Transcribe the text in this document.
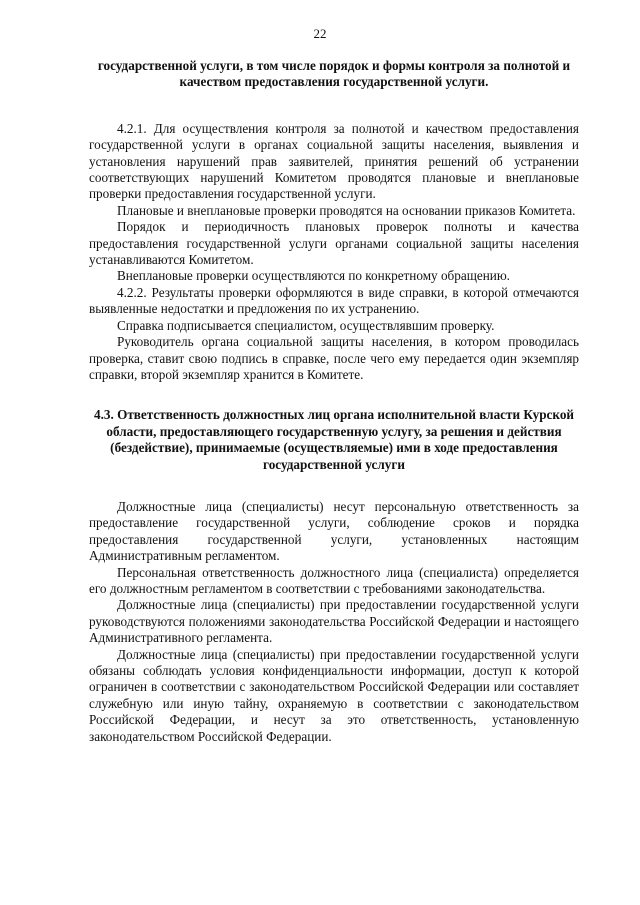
22
государственной услуги, в том числе порядок и формы контроля за полнотой и качеством предоставления государственной услуги.

4.2.1. Для осуществления контроля за полнотой и качеством предоставления государственной услуги в органах социальной защиты населения, выявления и установления нарушений прав заявителей, принятия решений об устранении соответствующих нарушений Комитетом проводятся плановые и внеплановые проверки предоставления государственной услуги.

Плановые и внеплановые проверки проводятся на основании приказов Комитета.

Порядок и периодичность плановых проверок полноты и качества предоставления государственной услуги органами социальной защиты населения устанавливаются Комитетом.

Внеплановые проверки осуществляются по конкретному обращению.

4.2.2. Результаты проверки оформляются в виде справки, в которой отмечаются выявленные недостатки и предложения по их устранению.

Справка подписывается специалистом, осуществлявшим проверку.

Руководитель органа социальной защиты населения, в котором проводилась проверка, ставит свою подпись в справке, после чего ему передается один экземпляр справки, второй экземпляр хранится в Комитете.

4.3. Ответственность должностных лиц органа исполнительной власти Курской области, предоставляющего государственную услугу, за решения и действия (бездействие), принимаемые (осуществляемые) ими в ходе предоставления государственной услуги

Должностные лица (специалисты) несут персональную ответственность за предоставление государственной услуги, соблюдение сроков и порядка предоставления государственной услуги, установленных настоящим Административным регламентом.

Персональная ответственность должностного лица (специалиста) определяется его должностным регламентом в соответствии с требованиями законодательства.

Должностные лица (специалисты) при предоставлении государственной услуги руководствуются положениями законодательства Российской Федерации и настоящего Административного регламента.

Должностные лица (специалисты) при предоставлении государственной услуги обязаны соблюдать условия конфиденциальности информации, доступ к которой ограничен в соответствии с законодательством Российской Федерации или составляет служебную или иную тайну, охраняемую в соответствии с законодательством Российской Федерации, и несут за это ответственность, установленную законодательством Российской Федерации.
